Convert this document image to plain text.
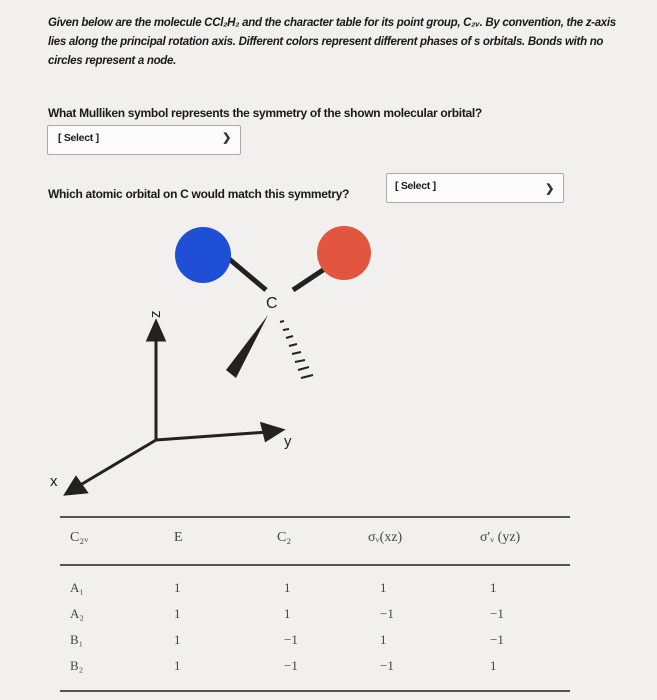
Given below are the molecule CCl₂H₂ and the character table for its point group, C₂ᵥ. By convention, the z-axis lies along the principal rotation axis. Different colors represent different phases of s orbitals. Bonds with no circles represent a node.
What Mulliken symbol represents the symmetry of the shown molecular orbital?
[ Select ]	❯
Which atomic orbital on C would match this symmetry?
[ Select ]	❯
C
z
y
x
C₂ᵥ	E	C₂	σᵥ(xz)	σ'ᵥ (yz)
A₁	1	1	1	1
A₂	1	1	−1	−1
B₁	1	−1	1	−1
B₂	1	−1	−1	1
